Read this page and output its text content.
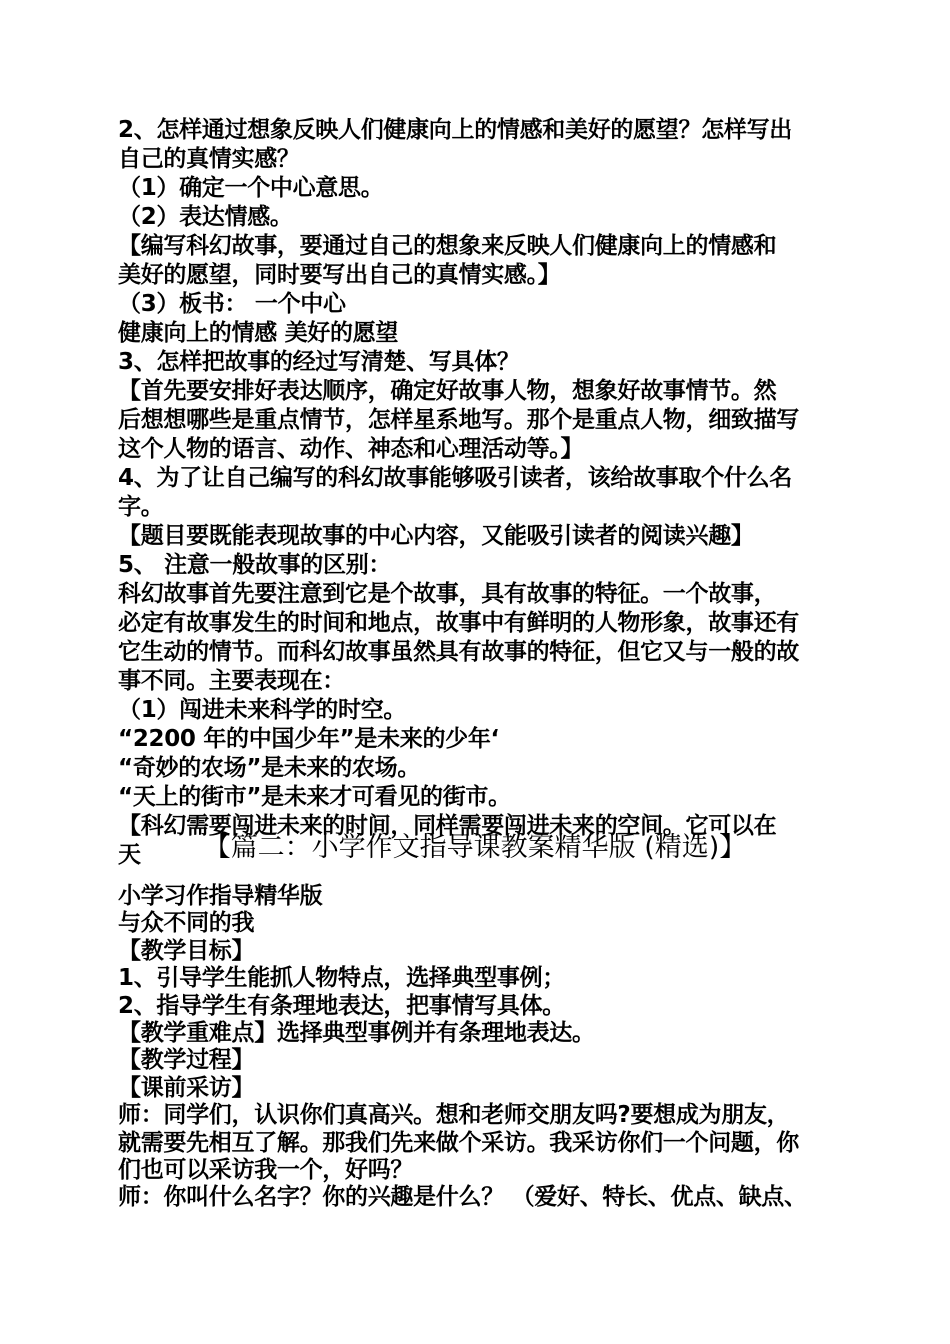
2、怎样通过想象反映人们健康向上的情感和美好的愿望？怎样写出
自己的真情实感？
（1）确定一个中心意思。
（2）表达情感。
【编写科幻故事，要通过自己的想象来反映人们健康向上的情感和
美好的愿望，同时要写出自己的真情实感。】
（3）板书： 一个中心
健康向上的情感 美好的愿望
3、怎样把故事的经过写清楚、写具体？
【首先要安排好表达顺序，确定好故事人物，想象好故事情节。然
后想想哪些是重点情节，怎样星系地写。那个是重点人物，细致描写
这个人物的语言、动作、神态和心理活动等。】
4、为了让自己编写的科幻故事能够吸引读者，该给故事取个什么名
字。
【题目要既能表现故事的中心内容，又能吸引读者的阅读兴趣】
5、 注意一般故事的区别：
科幻故事首先要注意到它是个故事，具有故事的特征。一个故事，
必定有故事发生的时间和地点，故事中有鲜明的人物形象，故事还有
它生动的情节。而科幻故事虽然具有故事的特征，但它又与一般的故
事不同。主要表现在：
（1）闯进未来科学的时空。
“2200 年的中国少年”是未来的少年‘
“奇妙的农场”是未来的农场。
“天上的街市”是未来才可看见的街市。
【科幻需要闯进未来的时间，同样需要闯进未来的空间。它可以在
天	【篇二：小学作文指导课教案精华版 (精选)】
小学习作指导精华版
与众不同的我
【教学目标】
1、引导学生能抓人物特点，选择典型事例；
2、指导学生有条理地表达，把事情写具体。
【教学重难点】选择典型事例并有条理地表达。
【教学过程】
【课前采访】
师：同学们，认识你们真高兴。想和老师交朋友吗?要想成为朋友，
就需要先相互了解。那我们先来做个采访。我采访你们一个问题，你
们也可以采访我一个，好吗？
师：你叫什么名字？你的兴趣是什么？ （爱好、特长、优点、缺点、
